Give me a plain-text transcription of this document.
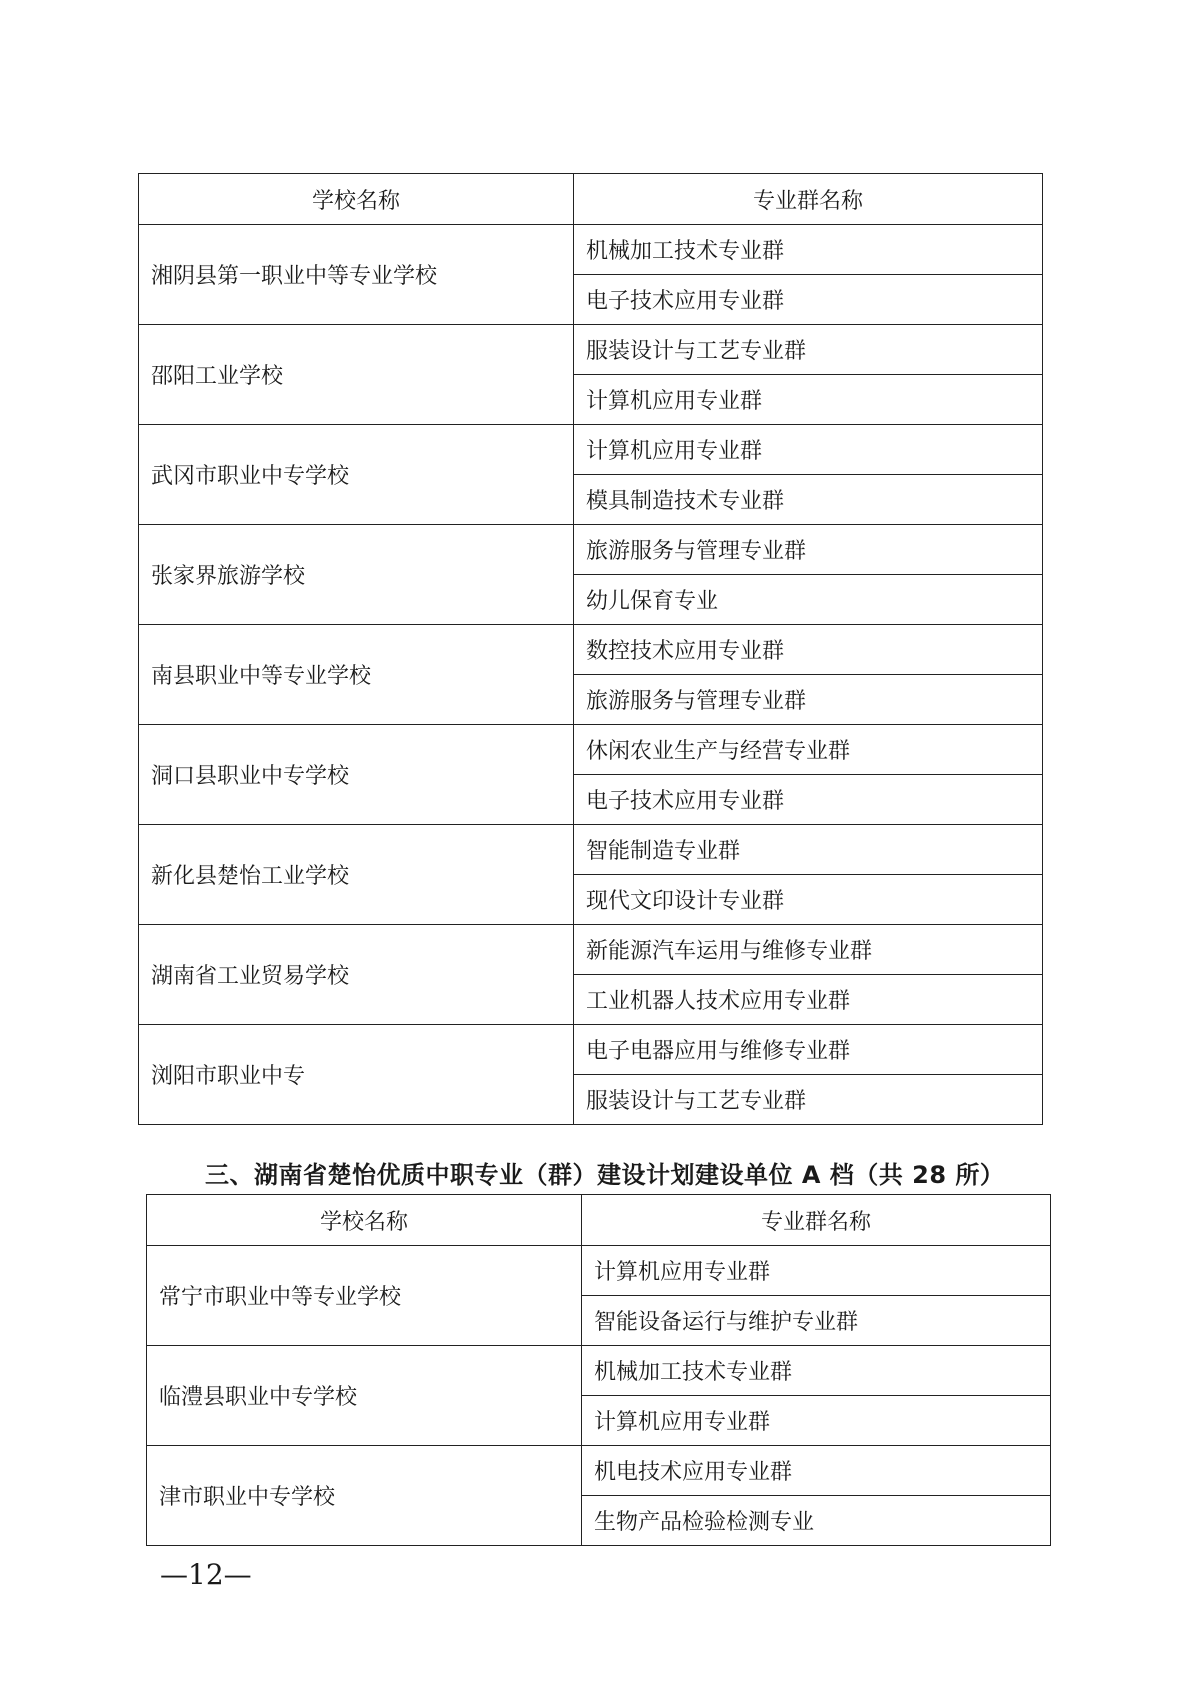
学校名称	专业群名称
湘阴县第一职业中等专业学校	机械加工技术专业群
	电子技术应用专业群
邵阳工业学校	服装设计与工艺专业群
	计算机应用专业群
武冈市职业中专学校	计算机应用专业群
	模具制造技术专业群
张家界旅游学校	旅游服务与管理专业群
	幼儿保育专业
南县职业中等专业学校	数控技术应用专业群
	旅游服务与管理专业群
洞口县职业中专学校	休闲农业生产与经营专业群
	电子技术应用专业群
新化县楚怡工业学校	智能制造专业群
	现代文印设计专业群
湖南省工业贸易学校	新能源汽车运用与维修专业群
	工业机器人技术应用专业群
浏阳市职业中专	电子电器应用与维修专业群
	服装设计与工艺专业群
三、湖南省楚怡优质中职专业（群）建设计划建设单位 A 档（共 28 所）
学校名称	专业群名称
常宁市职业中等专业学校	计算机应用专业群
	智能设备运行与维护专业群
临澧县职业中专学校	机械加工技术专业群
	计算机应用专业群
津市职业中专学校	机电技术应用专业群
	生物产品检验检测专业
—12—
